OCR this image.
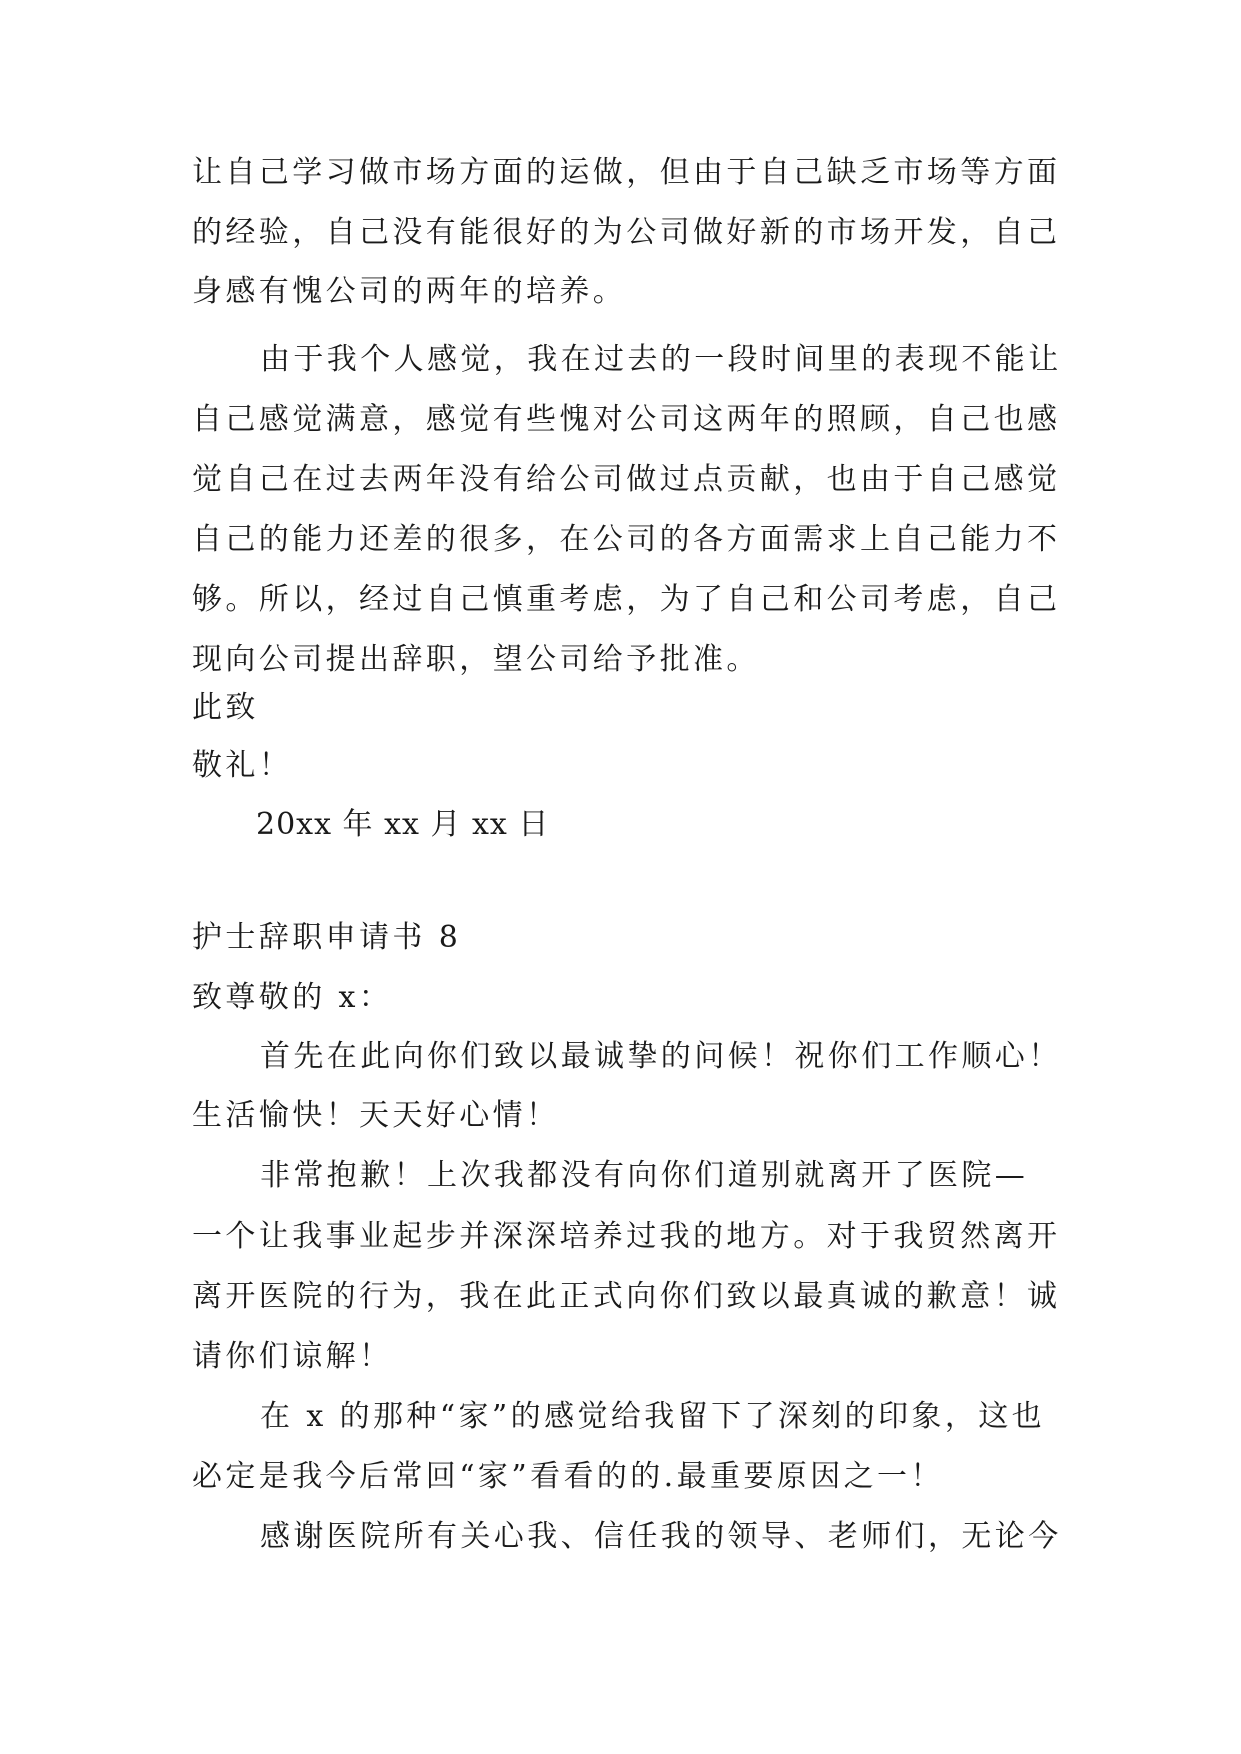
让自己学习做市场方面的运做，但由于自己缺乏市场等方面
的经验，自己没有能很好的为公司做好新的市场开发，自己
身感有愧公司的两年的培养。
由于我个人感觉，我在过去的一段时间里的表现不能让
自己感觉满意，感觉有些愧对公司这两年的照顾，自己也感
觉自己在过去两年没有给公司做过点贡献，也由于自己感觉
自己的能力还差的很多，在公司的各方面需求上自己能力不
够。所以，经过自己慎重考虑，为了自己和公司考虑，自己
现向公司提出辞职，望公司给予批准。
此致
敬礼！
20xx 年 xx 月 xx 日
护士辞职申请书 8
致尊敬的 x：
首先在此向你们致以最诚挚的问候！祝你们工作顺心！
生活愉快！天天好心情！
非常抱歉！上次我都没有向你们道别就离开了医院—
一个让我事业起步并深深培养过我的地方。对于我贸然离开
离开医院的行为，我在此正式向你们致以最真诚的歉意！诚
请你们谅解！
在 x 的那种“家”的感觉给我留下了深刻的印象，这也
必定是我今后常回“家”看看的的.最重要原因之一！
感谢医院所有关心我、信任我的领导、老师们，无论今
